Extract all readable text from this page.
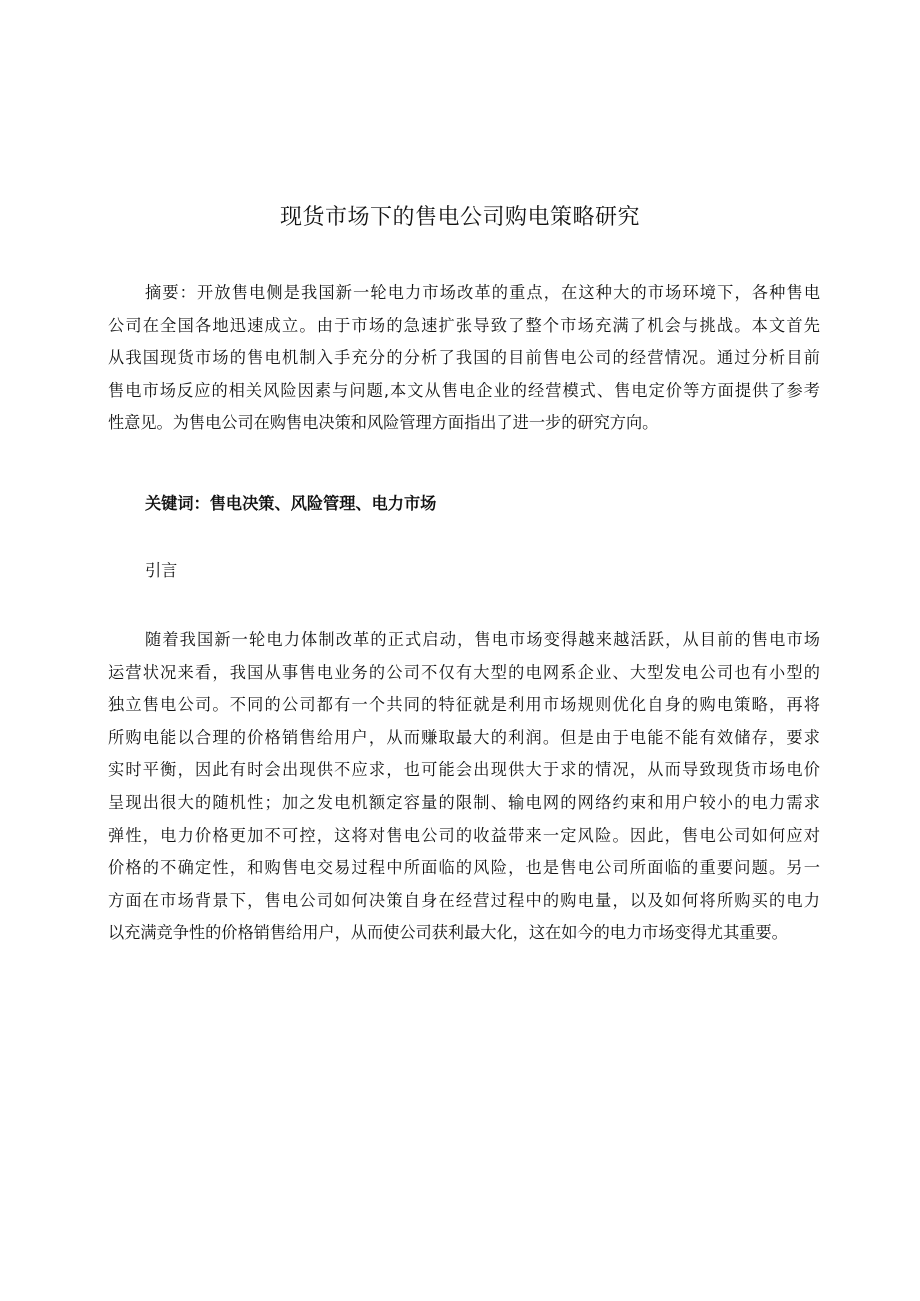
现货市场下的售电公司购电策略研究
摘要：开放售电侧是我国新一轮电力市场改革的重点，在这种大的市场环境下，各种售电
公司在全国各地迅速成立。由于市场的急速扩张导致了整个市场充满了机会与挑战。本文首先
从我国现货市场的售电机制入手充分的分析了我国的目前售电公司的经营情况。通过分析目前
售电市场反应的相关风险因素与问题,本文从售电企业的经营模式、售电定价等方面提供了参考
性意见。为售电公司在购售电决策和风险管理方面指出了进一步的研究方向。
关键词：售电决策、风险管理、电力市场
引言
随着我国新一轮电力体制改革的正式启动，售电市场变得越来越活跃，从目前的售电市场
运营状况来看，我国从事售电业务的公司不仅有大型的电网系企业、大型发电公司也有小型的
独立售电公司。不同的公司都有一个共同的特征就是利用市场规则优化自身的购电策略，再将
所购电能以合理的价格销售给用户，从而赚取最大的利润。但是由于电能不能有效储存，要求
实时平衡，因此有时会出现供不应求，也可能会出现供大于求的情况，从而导致现货市场电价
呈现出很大的随机性；加之发电机额定容量的限制、输电网的网络约束和用户较小的电力需求
弹性，电力价格更加不可控，这将对售电公司的收益带来一定风险。因此，售电公司如何应对
价格的不确定性，和购售电交易过程中所面临的风险，也是售电公司所面临的重要问题。另一
方面在市场背景下，售电公司如何决策自身在经营过程中的购电量，以及如何将所购买的电力
以充满竞争性的价格销售给用户，从而使公司获利最大化，这在如今的电力市场变得尤其重要。
